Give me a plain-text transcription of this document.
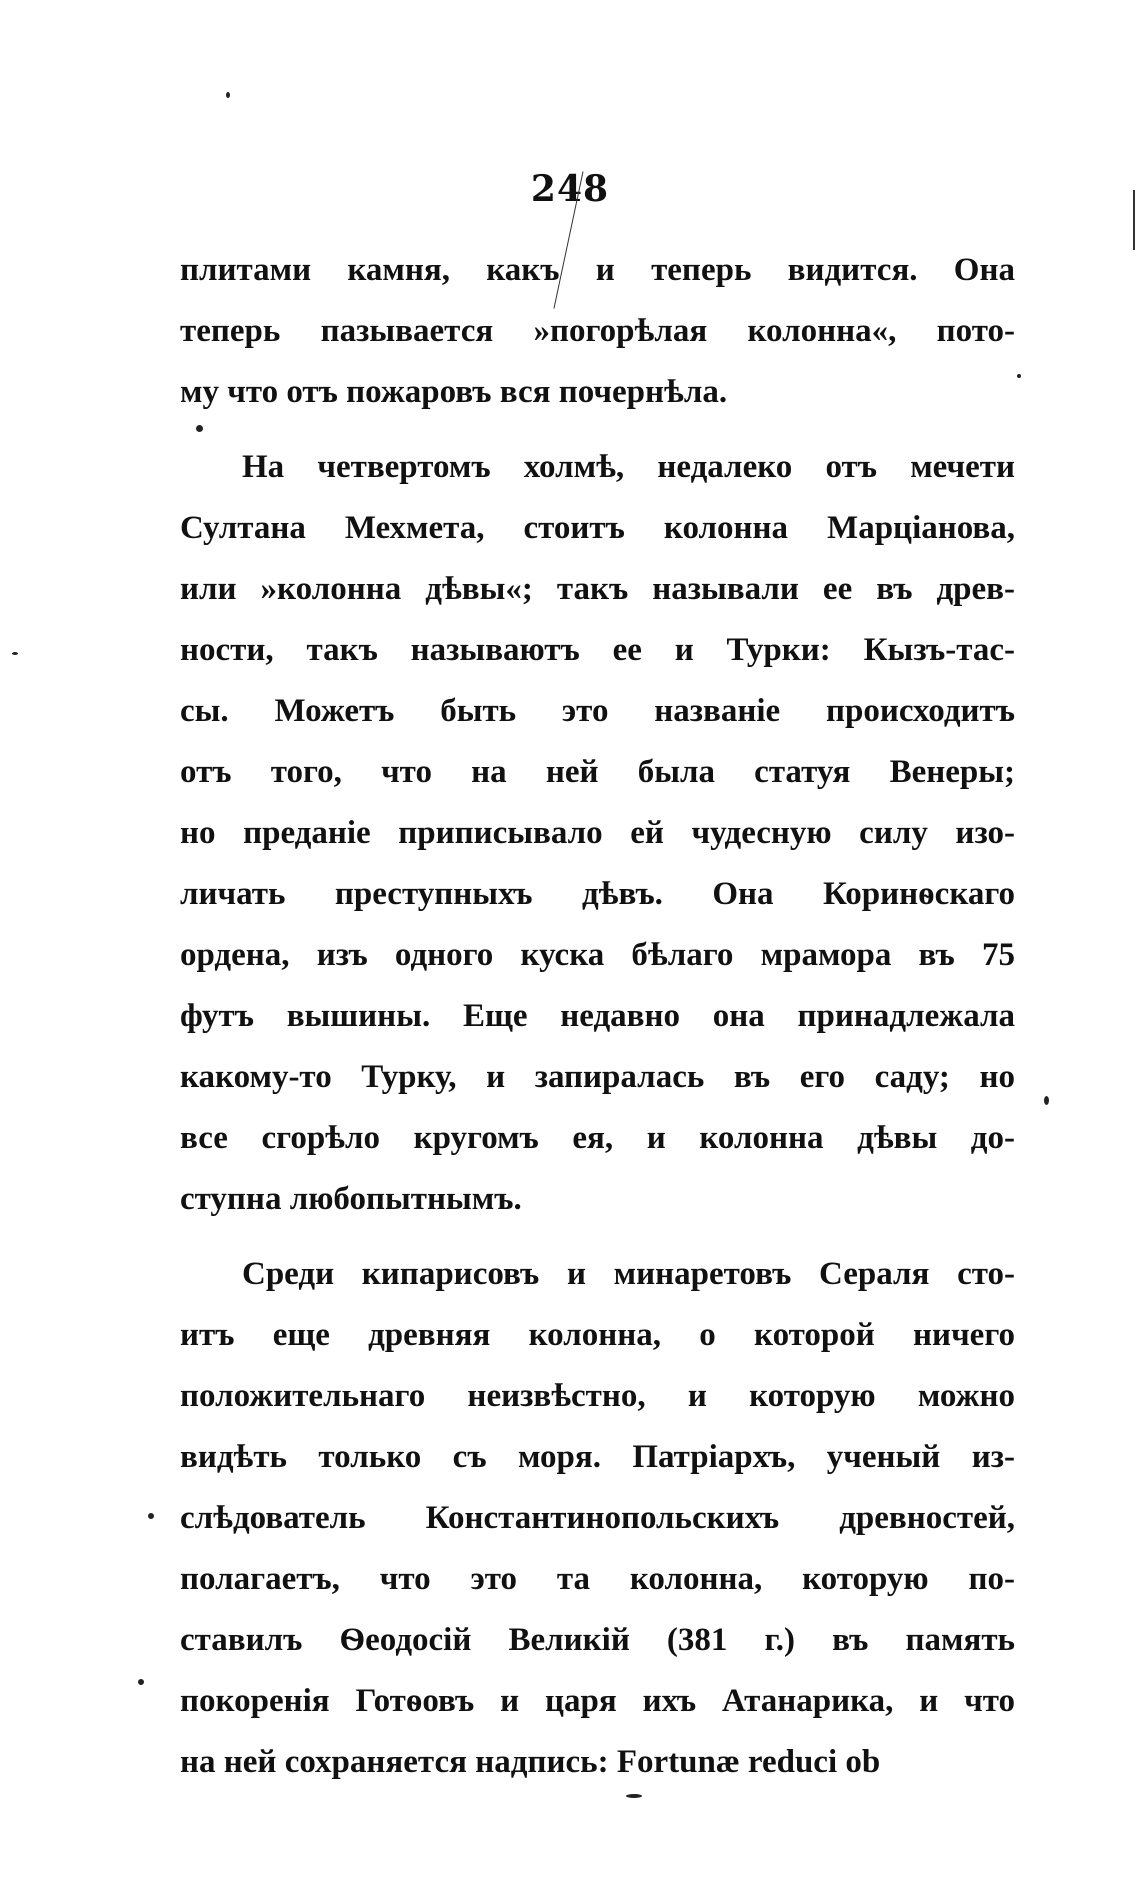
248
плитами камня, какъ и теперь видится. Она
теперь пазывается »погорѣлая колонна«, пото-
му что отъ пожаровъ вся почернѣла.
На четвертомъ холмѣ, недалеко отъ мечети
Султана Мехмета, стоитъ колонна Марціанова,
или »колонна дѣвы«; такъ называли ее въ древ-
ности, такъ называютъ ее и Турки: Кызъ-тас-
сы. Можетъ быть это названіе происходитъ
отъ того, что на ней была статуя Венеры;
но преданіе приписывало ей чудесную силу изо-
личать преступныхъ дѣвъ. Она Коринѳскаго
ордена, изъ одного куска бѣлаго мрамора въ 75
футъ вышины. Еще недавно она принадлежала
какому-то Турку, и запиралась въ его саду; но
все сгорѣло кругомъ ея, и колонна дѣвы до-
ступна любопытнымъ.
Среди кипарисовъ и минаретовъ Сераля сто-
итъ еще древняя колонна, о которой ничего
положительнаго неизвѣстно, и которую можно
видѣть только съ моря. Патріархъ, ученый из-
слѣдователь Константинопольскихъ древностей,
полагаетъ, что это та колонна, которую по-
ставилъ Ѳеодосій Великій (381 г.) въ память
покоренія Готѳовъ и царя ихъ Атанарика, и что
на ней сохраняется надпись: Fortunæ reduci ob
